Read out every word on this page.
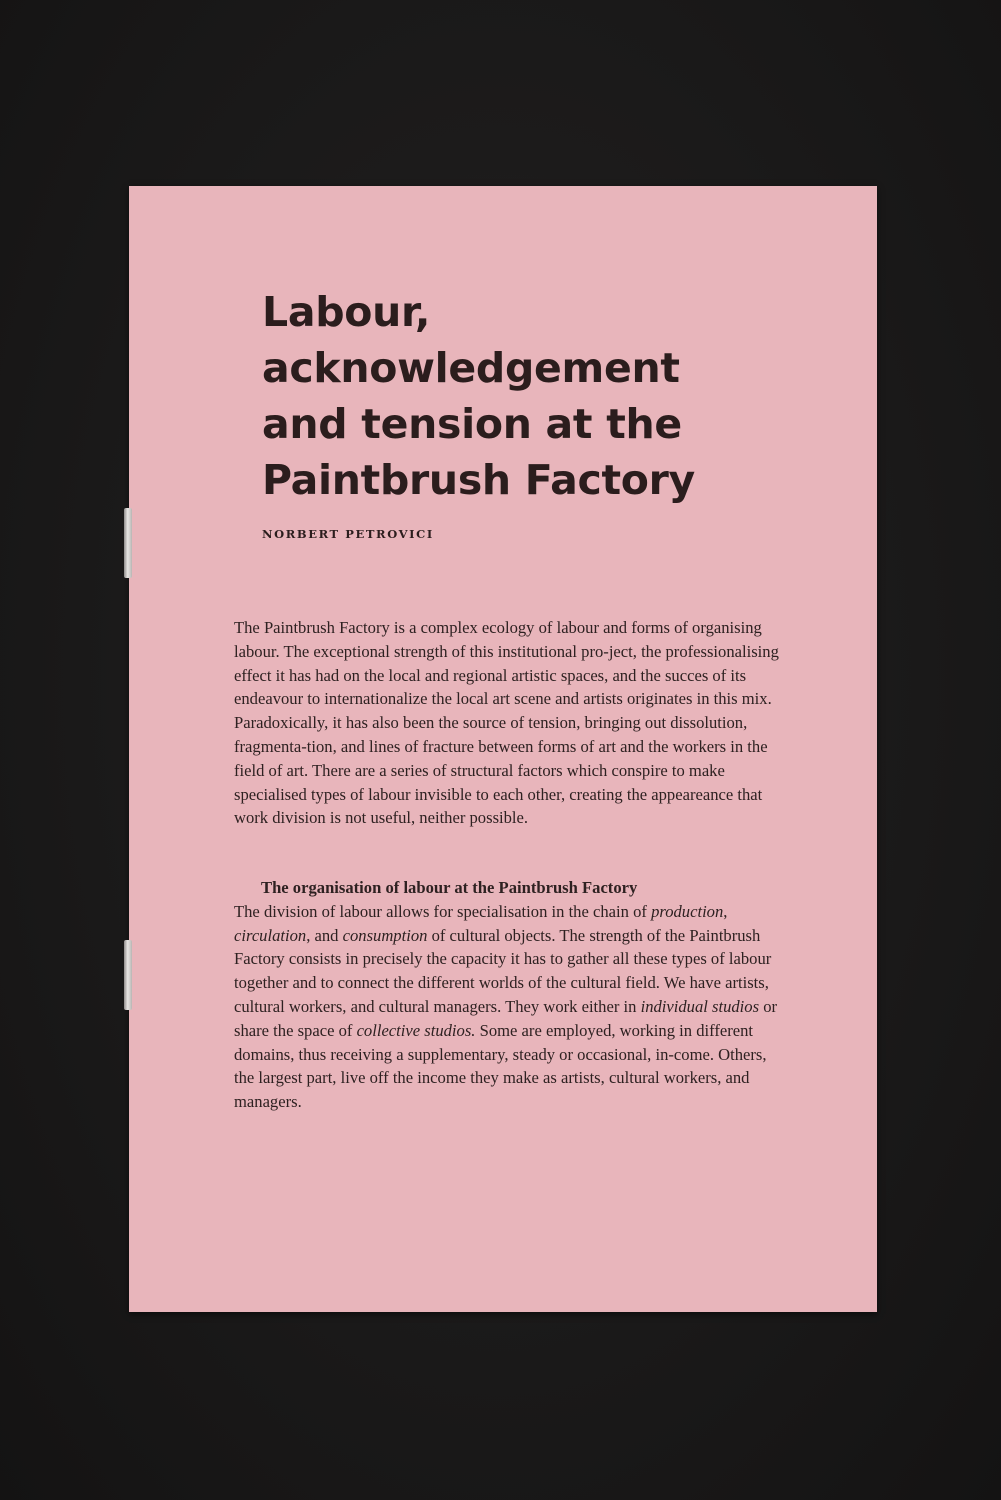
Labour,
acknowledgement
and tension at the
Paintbrush Factory

NORBERT PETROVICI

The Paintbrush Factory is a complex ecology of labour and forms of organising labour. The exceptional strength of this institutional pro-ject, the professionalising effect it has had on the local and regional artistic spaces, and the succes of its endeavour to internationalize the local art scene and artists originates in this mix. Paradoxically, it has also been the source of tension, bringing out dissolution, fragmenta-tion, and lines of fracture between forms of art and the workers in the field of art. There are a series of structural factors which conspire to make specialised types of labour invisible to each other, creating the appeareance that work division is not useful, neither possible.

The organisation of labour at the Paintbrush Factory
The division of labour allows for specialisation in the chain of production, circulation, and consumption of cultural objects. The strength of the Paintbrush Factory consists in precisely the capacity it has to gather all these types of labour together and to connect the different worlds of the cultural field. We have artists, cultural workers, and cultural managers. They work either in individual studios or share the space of collective studios. Some are employed, working in different domains, thus receiving a supplementary, steady or occasional, in-come. Others, the largest part, live off the income they make as artists, cultural workers, and managers.
